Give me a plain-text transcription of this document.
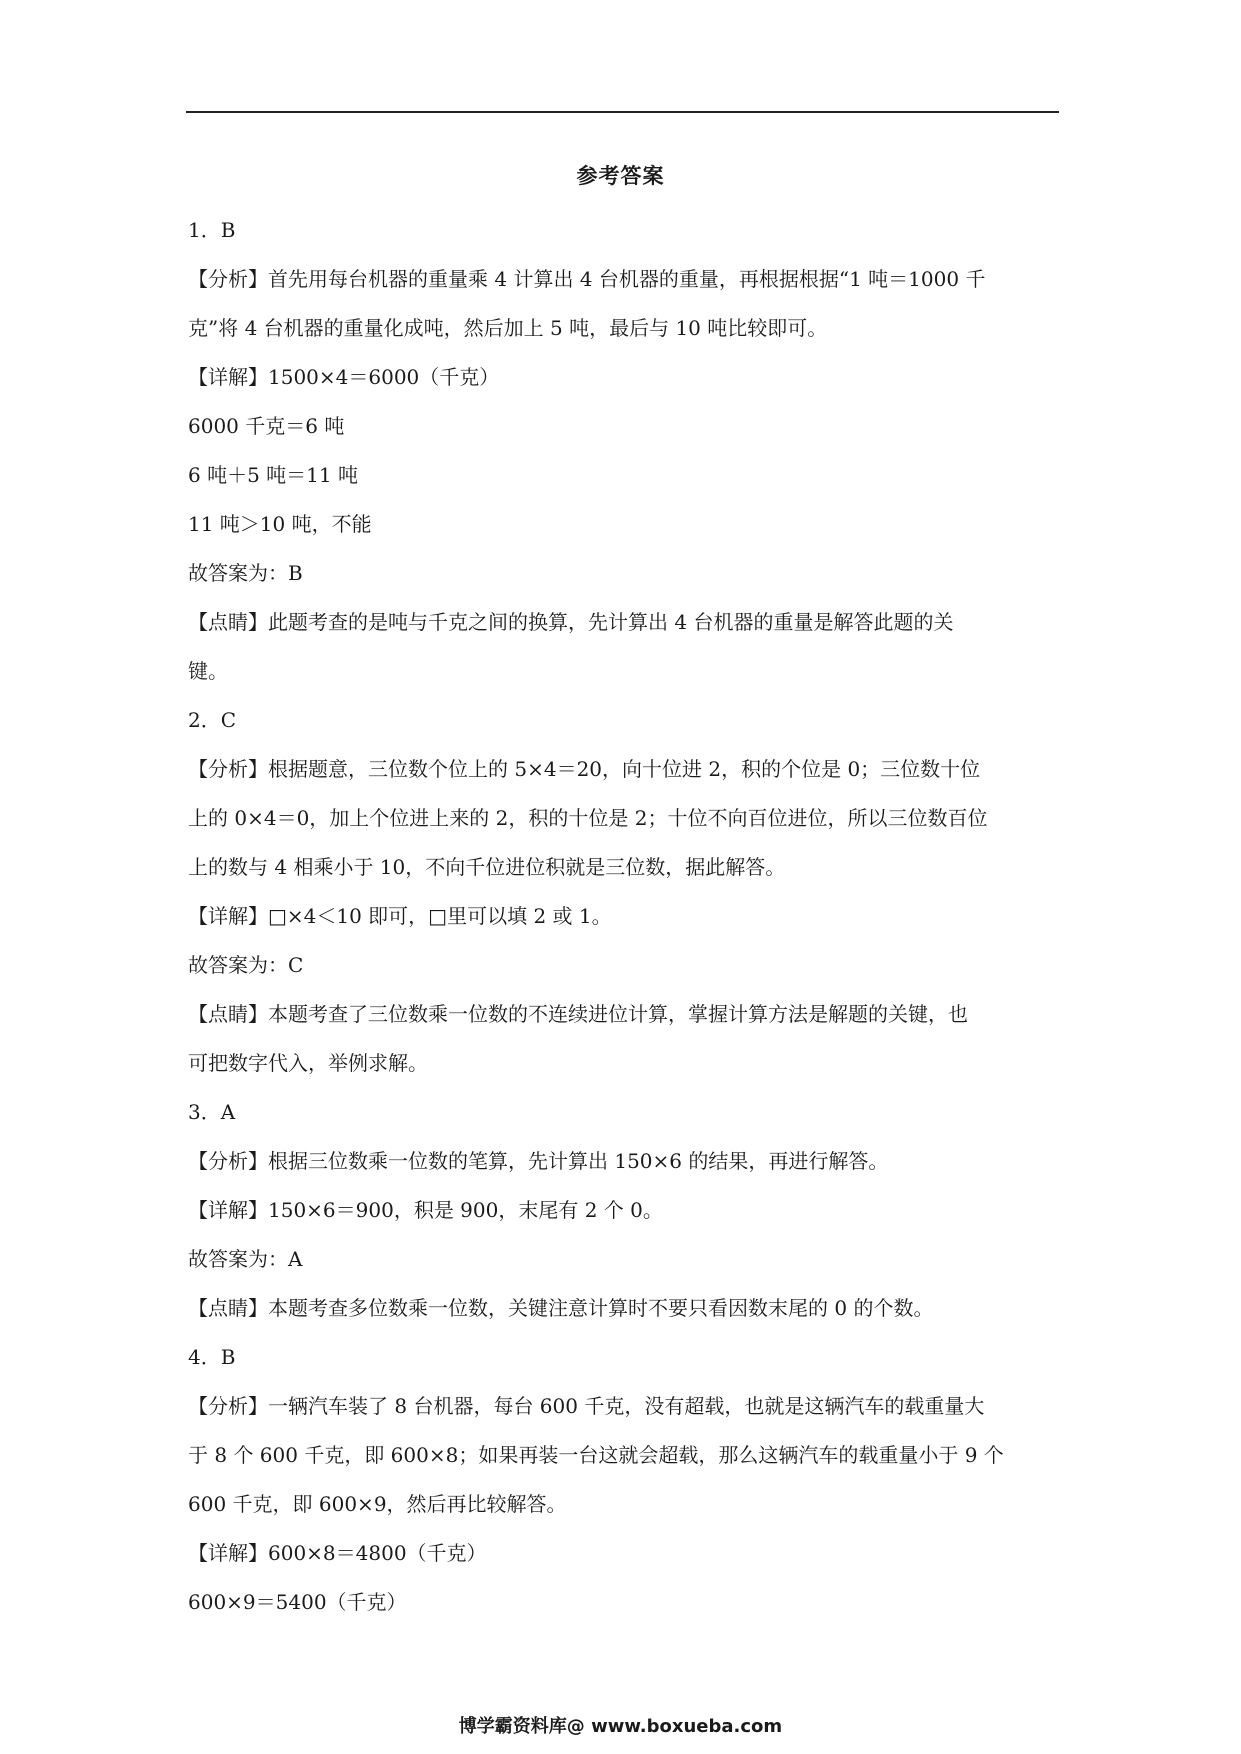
参考答案
1．B
【分析】首先用每台机器的重量乘 4 计算出 4 台机器的重量，再根据根据“1 吨＝1000 千
克”将 4 台机器的重量化成吨，然后加上 5 吨，最后与 10 吨比较即可。
【详解】1500×4＝6000（千克）
6000 千克＝6 吨
6 吨＋5 吨＝11 吨
11 吨＞10 吨，不能
故答案为：B
【点睛】此题考查的是吨与千克之间的换算，先计算出 4 台机器的重量是解答此题的关
键。
2．C
【分析】根据题意，三位数个位上的 5×4＝20，向十位进 2，积的个位是 0；三位数十位
上的 0×4＝0，加上个位进上来的 2，积的十位是 2；十位不向百位进位，所以三位数百位
上的数与 4 相乘小于 10，不向千位进位积就是三位数，据此解答。
【详解】□×4＜10 即可，□里可以填 2 或 1。
故答案为：C
【点睛】本题考查了三位数乘一位数的不连续进位计算，掌握计算方法是解题的关键，也
可把数字代入，举例求解。
3．A
【分析】根据三位数乘一位数的笔算，先计算出 150×6 的结果，再进行解答。
【详解】150×6＝900，积是 900，末尾有 2 个 0。
故答案为：A
【点睛】本题考查多位数乘一位数，关键注意计算时不要只看因数末尾的 0 的个数。
4．B
【分析】一辆汽车装了 8 台机器，每台 600 千克，没有超载，也就是这辆汽车的载重量大
于 8 个 600 千克，即 600×8；如果再装一台这就会超载，那么这辆汽车的载重量小于 9 个
600 千克，即 600×9，然后再比较解答。
【详解】600×8＝4800（千克）
600×9＝5400（千克）
博学霸资料库@ www.boxueba.com
